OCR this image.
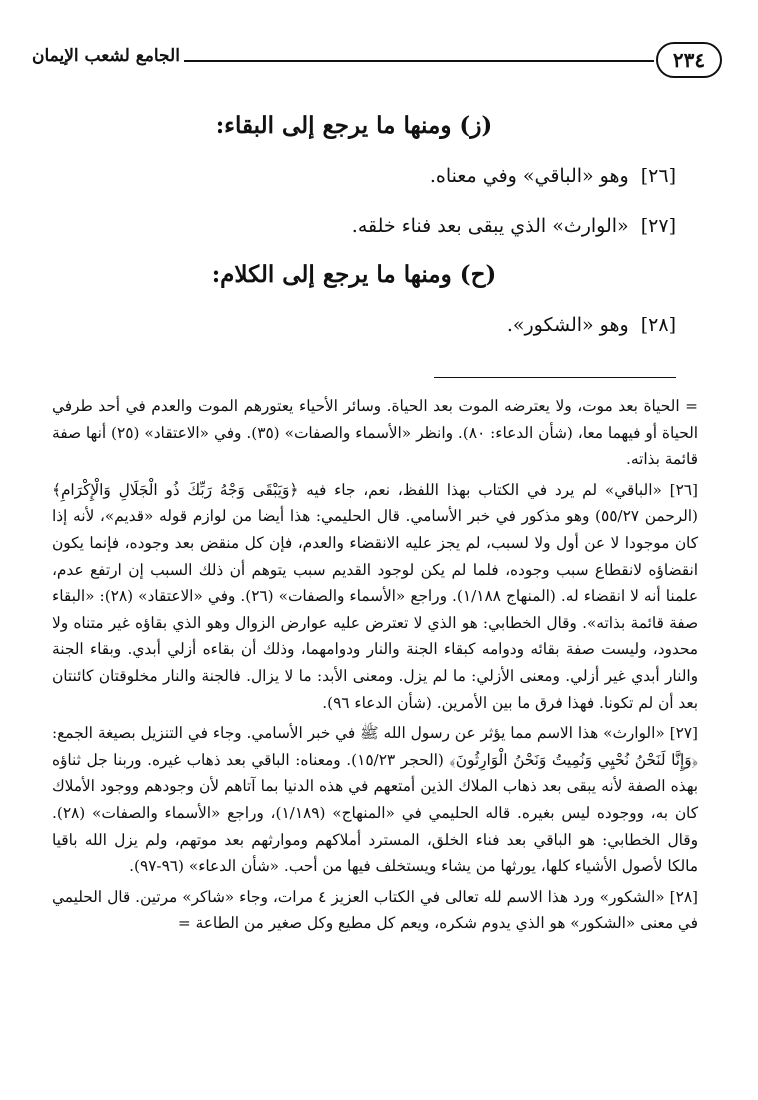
٢٣٤
الجامع لشعب الإيمان
(ز) ومنها ما يرجع إلى البقاء:
[٢٦] وهو «الباقي» وفي معناه.
[٢٧] «الوارث» الذي يبقى بعد فناء خلقه.
(ح) ومنها ما يرجع إلى الكلام:
[٢٨] وهو «الشكور».
= الحياة بعد موت، ولا يعترضه الموت بعد الحياة. وسائر الأحياء يعتورهم الموت والعدم في أحد طرفي الحياة أو فيهما معا، (شأن الدعاء: ٨٠). وانظر «الأسماء والصفات» (٣٥). وفي «الاعتقاد» (٢٥) أنها صفة قائمة بذاته.
[٢٦] «الباقي» لم يرد في الكتاب بهذا اللفظ، نعم، جاء فيه ﴿وَيَبْقَى وَجْهُ رَبِّكَ ذُو الْجَلَالِ وَالْإِكْرَامِ﴾ (الرحمن ٥٥/٢٧) وهو مذكور في خبر الأسامي. قال الحليمي: هذا أيضا من لوازم قوله «قديم»، لأنه إذا كان موجودا لا عن أول ولا لسبب، لم يجز عليه الانقضاء والعدم، فإن كل منقض بعد وجوده، فإنما يكون انقضاؤه لانقطاع سبب وجوده، فلما لم يكن لوجود القديم سبب يتوهم أن ذلك السبب إن ارتفع عدم، علمنا أنه لا انقضاء له. (المنهاج ١/١٨٨). وراجع «الأسماء والصفات» (٢٦). وفي «الاعتقاد» (٢٨): «البقاء صفة قائمة بذاته». وقال الخطابي: هو الذي لا تعترض عليه عوارض الزوال وهو الذي بقاؤه غير متناه ولا محدود، وليست صفة بقائه ودوامه كبقاء الجنة والنار ودوامهما، وذلك أن بقاءه أزلي أبدي. وبقاء الجنة والنار أبدي غير أزلي. ومعنى الأزلي: ما لم يزل. ومعنى الأبد: ما لا يزال. فالجنة والنار مخلوقتان كائنتان بعد أن لم تكونا. فهذا فرق ما بين الأمرين. (شأن الدعاء ٩٦).
[٢٧] «الوارث» هذا الاسم مما يؤثر عن رسول الله ﷺ في خبر الأسامي. وجاء في التنزيل بصيغة الجمع: ﴿وَإِنَّا لَنَحْنُ نُحْيِي وَنُمِيتُ وَنَحْنُ الْوَارِثُونَ﴾ (الحجر ١٥/٢٣). ومعناه: الباقي بعد ذهاب غيره. وربنا جل ثناؤه بهذه الصفة لأنه يبقى بعد ذهاب الملاك الذين أمتعهم في هذه الدنيا بما آتاهم لأن وجودهم ووجود الأملاك كان به، ووجوده ليس بغيره. قاله الحليمي في «المنهاج» (١/١٨٩)، وراجع «الأسماء والصفات» (٢٨). وقال الخطابي: هو الباقي بعد فناء الخلق، المسترد أملاكهم وموارثهم بعد موتهم، ولم يزل الله باقيا مالكا لأصول الأشياء كلها، يورثها من يشاء ويستخلف فيها من أحب. «شأن الدعاء» (٩٦-٩٧).
[٢٨] «الشكور» ورد هذا الاسم لله تعالى في الكتاب العزيز ٤ مرات، وجاء «شاكر» مرتين. قال الحليمي في معنى «الشكور» هو الذي يدوم شكره، ويعم كل مطيع وكل صغير من الطاعة =
